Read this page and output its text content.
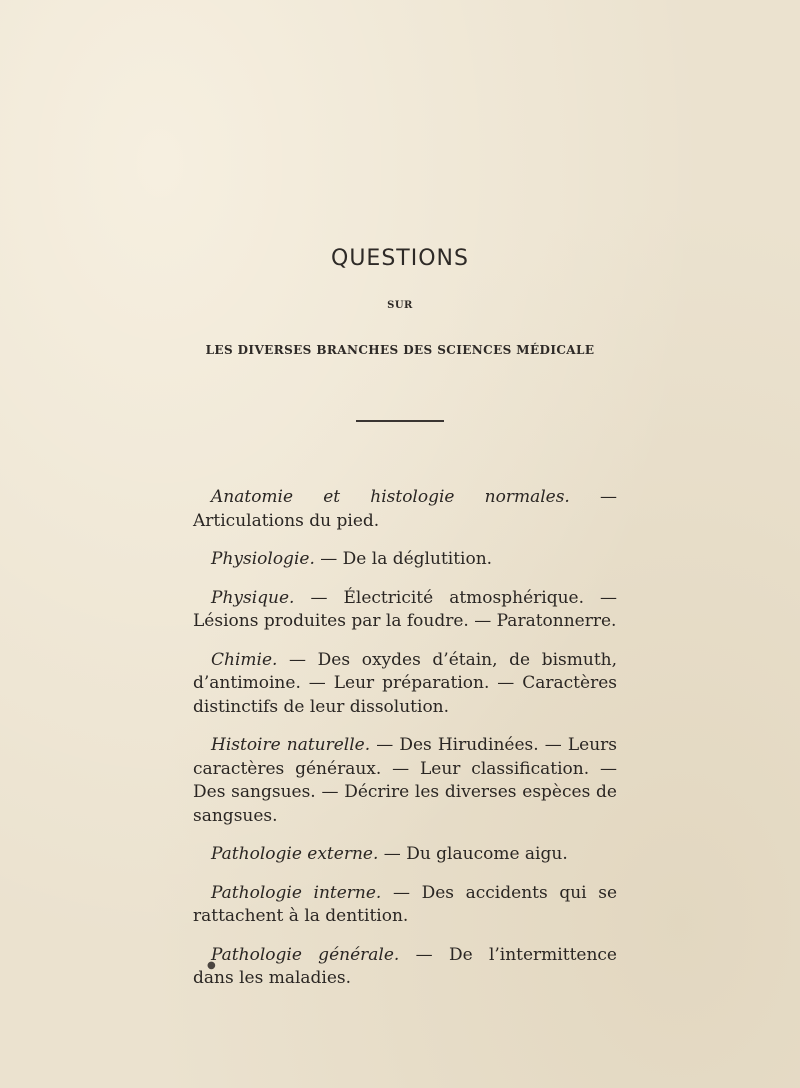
QUESTIONS
SUR
LES DIVERSES BRANCHES DES SCIENCES MÉDICALE

Anatomie et histologie normales. — Articulations du pied.

Physiologie. — De la déglutition.

Physique. — Électricité atmosphérique. — Lésions produites par la foudre. — Paratonnerre.

Chimie. — Des oxydes d’étain, de bismuth, d’antimoine. — Leur préparation. — Caractères distinctifs de leur dissolution.

Histoire naturelle. — Des Hirudinées. — Leurs caractères généraux. — Leur classification. — Des sangsues. — Décrire les diverses espèces de sangsues.

Pathologie externe. — Du glaucome aigu.

Pathologie interne. — Des accidents qui se rattachent à la dentition.

Pathologie générale. — De l’intermittence dans les maladies.

●
